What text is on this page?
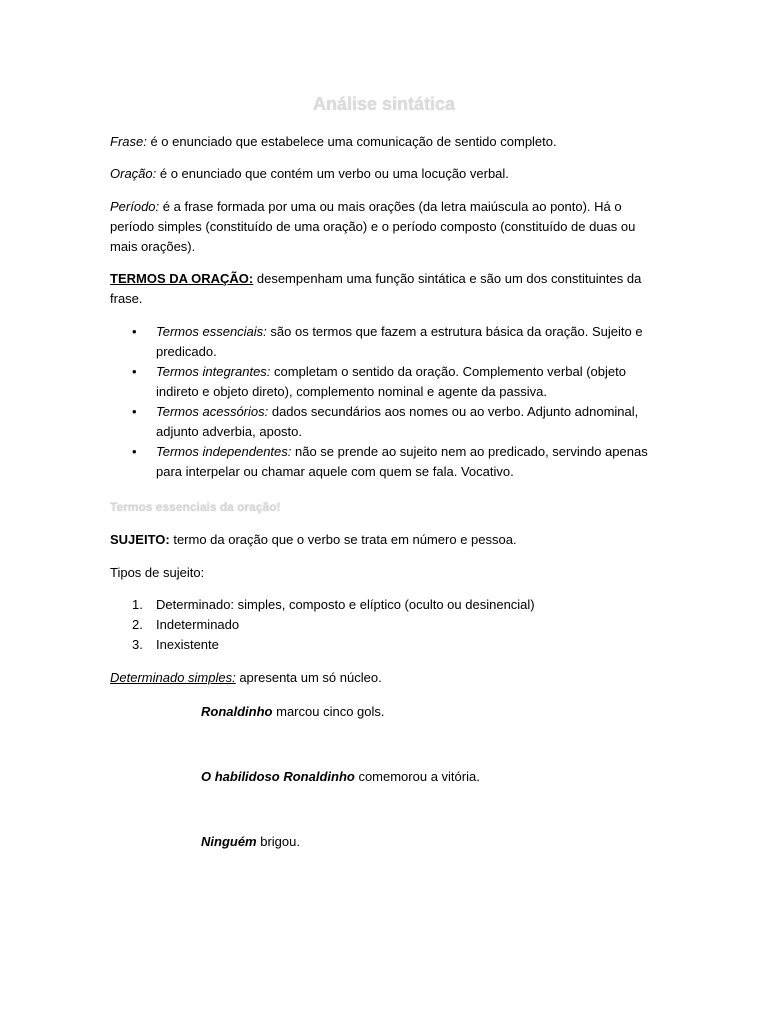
Análise sintática

Frase: é o enunciado que estabelece uma comunicação de sentido completo.

Oração: é o enunciado que contém um verbo ou uma locução verbal.

Período: é a frase formada por uma ou mais orações (da letra maiúscula ao ponto). Há o período simples (constituído de uma oração) e o período composto (constituído de duas ou mais orações).

TERMOS DA ORAÇÃO: desempenham uma função sintática e são um dos constituintes da frase.

• Termos essenciais: são os termos que fazem a estrutura básica da oração. Sujeito e predicado.
• Termos integrantes: completam o sentido da oração. Complemento verbal (objeto indireto e objeto direto), complemento nominal e agente da passiva.
• Termos acessórios: dados secundários aos nomes ou ao verbo. Adjunto adnominal, adjunto adverbia, aposto.
• Termos independentes: não se prende ao sujeito nem ao predicado, servindo apenas para interpelar ou chamar aquele com quem se fala. Vocativo.
Termos essenciais da oração!

SUJEITO: termo da oração que o verbo se trata em número e pessoa.

Tipos de sujeito:

1. Determinado: simples, composto e elíptico (oculto ou desinencial)
2. Indeterminado
3. Inexistente

Determinado simples: apresenta um só núcleo.

Ronaldinho marcou cinco gols.

O habilidoso Ronaldinho comemorou a vitória.

Ninguém brigou.
